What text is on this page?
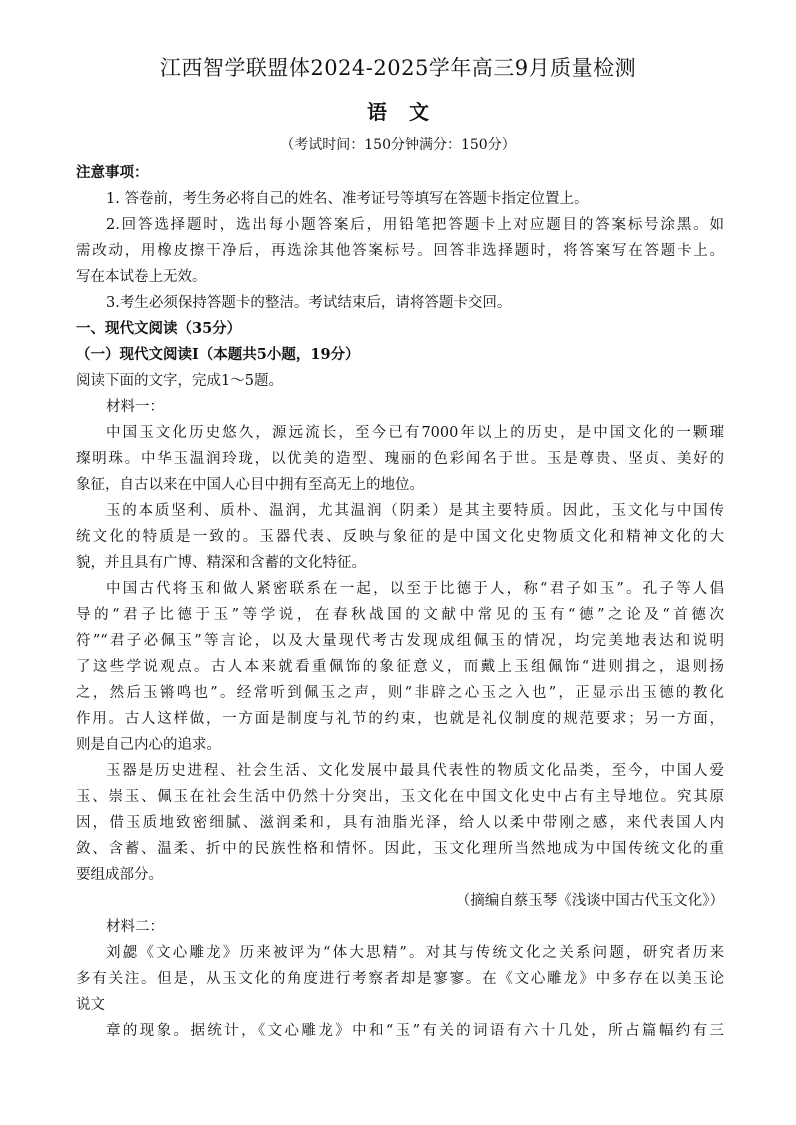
江西智学联盟体2024-2025学年高三9月质量检测
语文
（考试时间：150分钟满分：150分）
注意事项：
1. 答卷前，考生务必将自己的姓名、准考证号等填写在答题卡指定位置上。
2.回答选择题时，选出每小题答案后，用铅笔把答题卡上对应题目的答案标号涂黑。如
需改动，用橡皮擦干净后，再选涂其他答案标号。回答非选择题时，将答案写在答题卡上。
写在本试卷上无效。
3.考生必须保持答题卡的整洁。考试结束后，请将答题卡交回。
一、现代文阅读（35分）
（一）现代文阅读Ⅰ（本题共5小题，19分）
阅读下面的文字，完成1～5题。
材料一：
中国玉文化历史悠久，源远流长，至今已有7000年以上的历史，是中国文化的一颗璀
璨明珠。中华玉温润玲珑，以优美的造型、瑰丽的色彩闻名于世。玉是尊贵、坚贞、美好的
象征，自古以来在中国人心目中拥有至高无上的地位。
玉的本质坚利、质朴、温润，尤其温润（阴柔）是其主要特质。因此，玉文化与中国传
统文化的特质是一致的。玉器代表、反映与象征的是中国文化史物质文化和精神文化的大
貌，并且具有广博、精深和含蓄的文化特征。
中国古代将玉和做人紧密联系在一起，以至于比德于人，称“君子如玉”。孔子等人倡
导的“君子比德于玉”等学说，在春秋战国的文献中常见的玉有“德”之论及“首德次
符”“君子必佩玉”等言论，以及大量现代考古发现成组佩玉的情况，均完美地表达和说明
了这些学说观点。古人本来就看重佩饰的象征意义，而戴上玉组佩饰“进则揖之，退则扬
之，然后玉锵鸣也”。经常听到佩玉之声，则“非辟之心玉之入也”，正显示出玉德的教化
作用。古人这样做，一方面是制度与礼节的约束，也就是礼仪制度的规范要求；另一方面，
则是自己内心的追求。
玉器是历史进程、社会生活、文化发展中最具代表性的物质文化品类，至今，中国人爱
玉、崇玉、佩玉在社会生活中仍然十分突出，玉文化在中国文化史中占有主导地位。究其原
因，借玉质地致密细腻、滋润柔和，具有油脂光泽，给人以柔中带刚之感，来代表国人内
敛、含蓄、温柔、折中的民族性格和情怀。因此，玉文化理所当然地成为中国传统文化的重
要组成部分。
（摘编自蔡玉琴《浅谈中国古代玉文化》）
材料二：
刘勰《文心雕龙》历来被评为“体大思精”。对其与传统文化之关系问题，研究者历来
多有关注。但是，从玉文化的角度进行考察者却是寥寥。在《文心雕龙》中多存在以美玉论
说文
章的现象。据统计，《文心雕龙》中和“玉”有关的词语有六十几处，所占篇幅约有三
